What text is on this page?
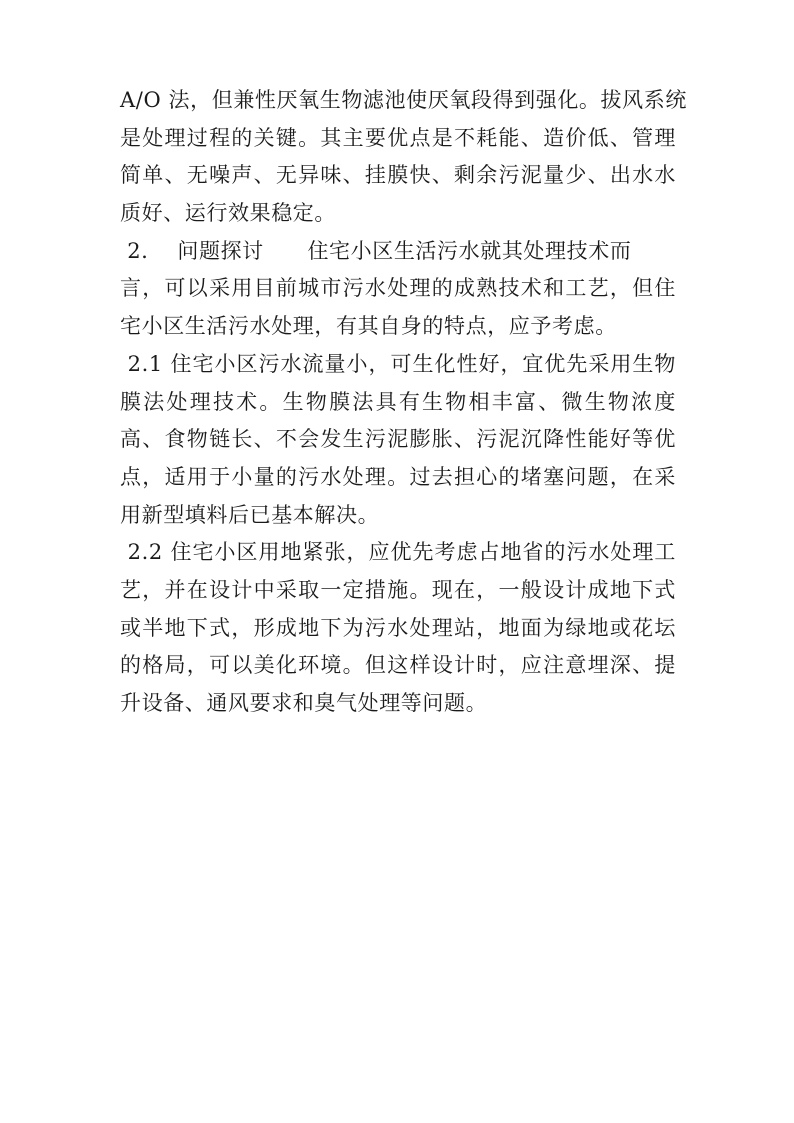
A/O 法，但兼性厌氧生物滤池使厌氧段得到强化。拔风系统
是处理过程的关键。其主要优点是不耗能、造价低、管理
简单、无噪声、无异味、挂膜快、剩余污泥量少、出水水
质好、运行效果稳定。
2．  问题探讨      住宅小区生活污水就其处理技术而
言，可以采用目前城市污水处理的成熟技术和工艺，但住
宅小区生活污水处理，有其自身的特点，应予考虑。
2.1 住宅小区污水流量小，可生化性好，宜优先采用生物
膜法处理技术。生物膜法具有生物相丰富、微生物浓度
高、食物链长、不会发生污泥膨胀、污泥沉降性能好等优
点，适用于小量的污水处理。过去担心的堵塞问题，在采
用新型填料后已基本解决。
2.2 住宅小区用地紧张，应优先考虑占地省的污水处理工
艺，并在设计中采取一定措施。现在，一般设计成地下式
或半地下式，形成地下为污水处理站，地面为绿地或花坛
的格局，可以美化环境。但这样设计时，应注意埋深、提
升设备、通风要求和臭气处理等问题。
